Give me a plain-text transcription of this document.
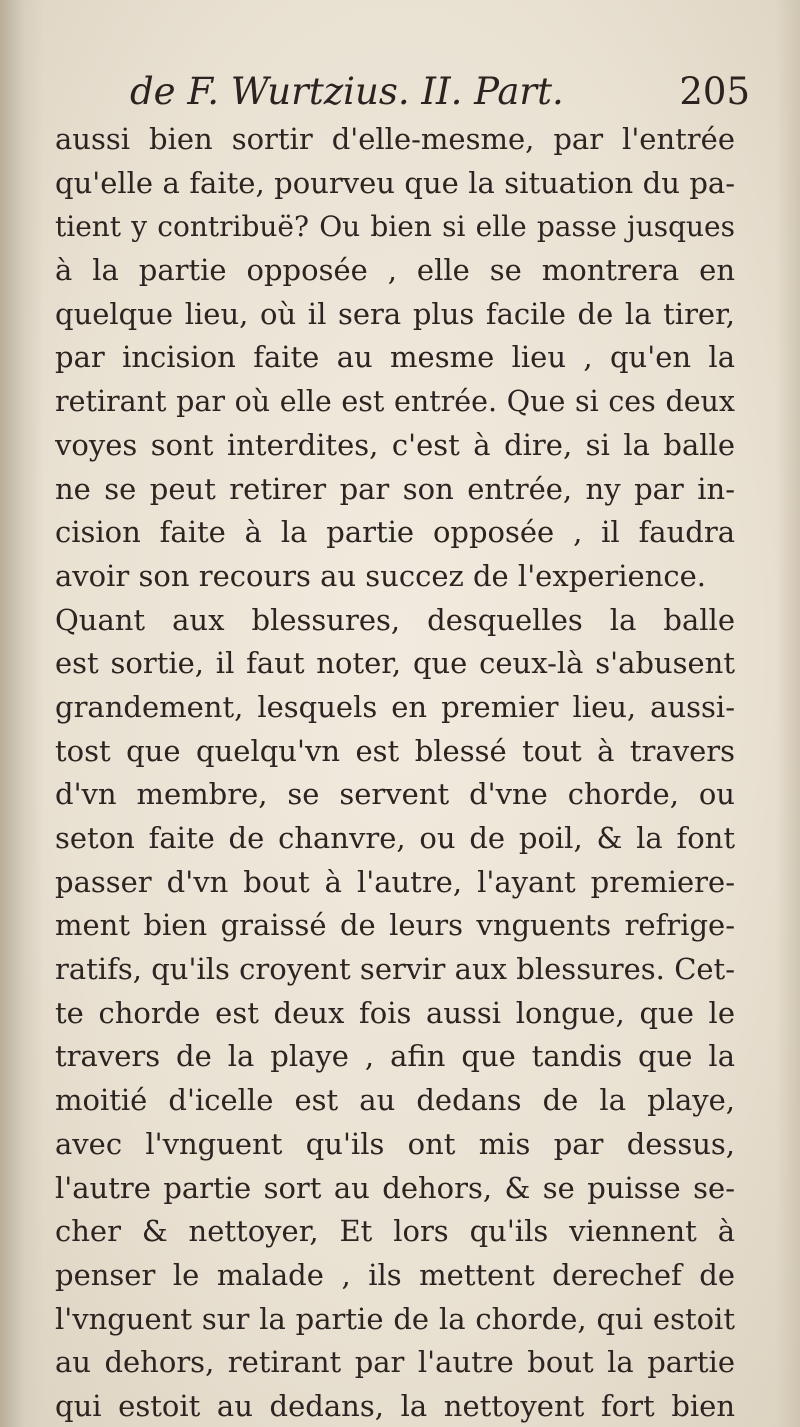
de F. Wurtzius. II. Part.	205
aussi bien sortir d'elle-mesme, par l'entrée
qu'elle a faite, pourveu que la situation du pa-
tient y contribuë? Ou bien si elle passe jusques
à la partie opposée , elle se montrera en
quelque lieu, où il sera plus facile de la tirer,
par incision faite au mesme lieu , qu'en la
retirant par où elle est entrée. Que si ces deux
voyes sont interdites, c'est à dire, si la balle
ne se peut retirer par son entrée, ny par in-
cision faite à la partie opposée , il faudra
avoir son recours au succez de l'experience.
Quant aux blessures, desquelles la balle
est sortie, il faut noter, que ceux-là s'abusent
grandement, lesquels en premier lieu, aussi-
tost que quelqu'vn est blessé tout à travers
d'vn membre, se servent d'vne chorde, ou
seton faite de chanvre, ou de poil, & la font
passer d'vn bout à l'autre, l'ayant premiere-
ment bien graissé de leurs vnguents refrige-
ratifs, qu'ils croyent servir aux blessures. Cet-
te chorde est deux fois aussi longue, que le
travers de la playe , afin que tandis que la
moitié d'icelle est au dedans de la playe,
avec l'vnguent qu'ils ont mis par dessus,
l'autre partie sort au dehors, & se puisse se-
cher & nettoyer, Et lors qu'ils viennent à
penser le malade , ils mettent derechef de
l'vnguent sur la partie de la chorde, qui estoit
au dehors, retirant par l'autre bout la partie
qui estoit au dedans, la nettoyent fort bien
